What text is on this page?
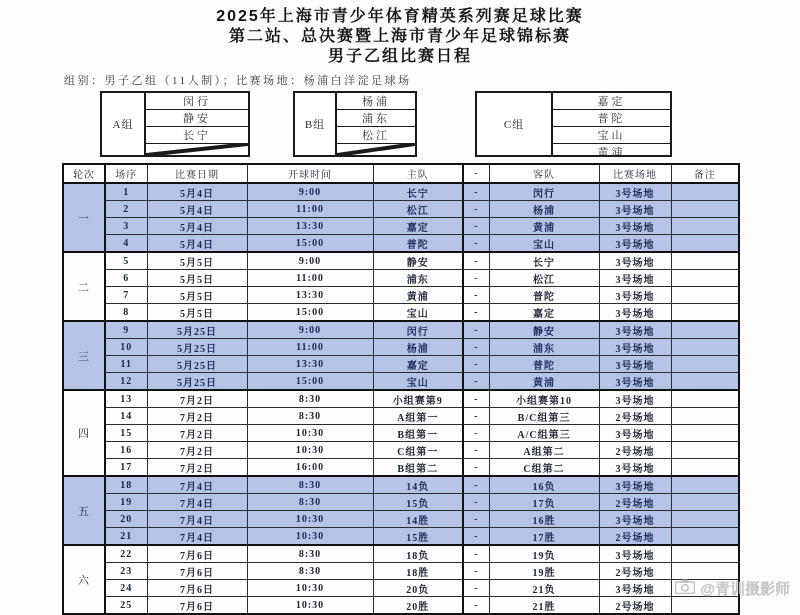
2025年上海市青少年体育精英系列赛足球比赛
第二站、总决赛暨上海市青少年足球锦标赛
男子乙组比赛日程
组别：男子乙组（11人制）；比赛场地：杨浦白洋淀足球场
A组
闵行
静安
长宁
B组
杨浦
浦东
松江
C组
嘉定
普陀
宝山
黄浦
轮次	场序	比赛日期	开球时间	主队	-	客队	比赛场地	备注
一	1	5月4日	9:00	长宁	-	闵行	3号场地	
	2	5月4日	11:00	松江	-	杨浦	3号场地	
	3	5月4日	13:30	嘉定	-	黄浦	3号场地	
	4	5月4日	15:00	普陀	-	宝山	3号场地	
二	5	5月5日	9:00	静安	-	长宁	3号场地	
	6	5月5日	11:00	浦东	-	松江	3号场地	
	7	5月5日	13:30	黄浦	-	普陀	3号场地	
	8	5月5日	15:00	宝山	-	嘉定	3号场地	
三	9	5月25日	9:00	闵行	-	静安	3号场地	
	10	5月25日	11:00	杨浦	-	浦东	3号场地	
	11	5月25日	13:30	嘉定	-	普陀	3号场地	
	12	5月25日	15:00	宝山	-	黄浦	3号场地	
四	13	7月2日	8:30	小组赛第9	-	小组赛第10	3号场地	
	14	7月2日	8:30	A组第一	-	B/C组第三	2号场地	
	15	7月2日	10:30	B组第一	-	A/C组第三	3号场地	
	16	7月2日	10:30	C组第一	-	A组第二	2号场地	
	17	7月2日	16:00	B组第二	-	C组第二	3号场地	
五	18	7月4日	8:30	14负	-	16负	3号场地	
	19	7月4日	8:30	15负	-	17负	2号场地	
	20	7月4日	10:30	14胜	-	16胜	3号场地	
	21	7月4日	10:30	15胜	-	17胜	2号场地	
六	22	7月6日	8:30	18负	-	19负	3号场地	
	23	7月6日	8:30	18胜	-	19胜	2号场地	
	24	7月6日	10:30	20负	-	21负	3号场地	
	25	7月6日	10:30	20胜	-	21胜	2号场地	
@青训摄影师
